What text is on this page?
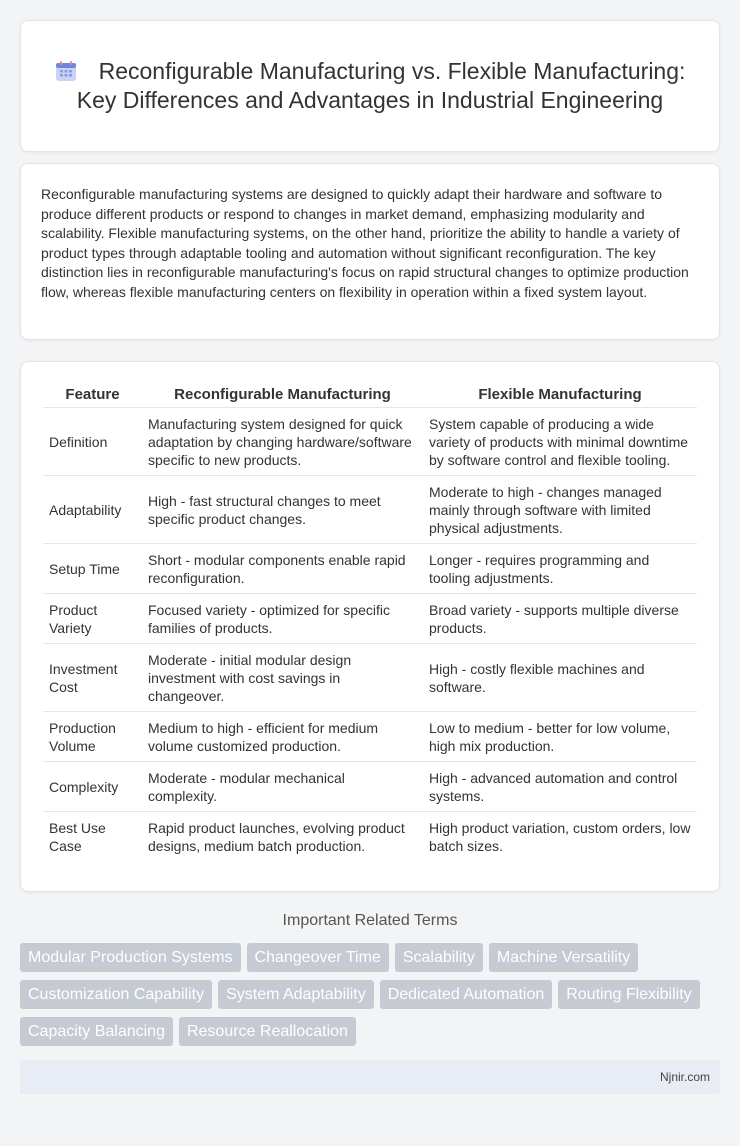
Reconfigurable Manufacturing vs. Flexible Manufacturing: Key Differences and Advantages in Industrial Engineering

Reconfigurable manufacturing systems are designed to quickly adapt their hardware and software to produce different products or respond to changes in market demand, emphasizing modularity and scalability. Flexible manufacturing systems, on the other hand, prioritize the ability to handle a variety of product types through adaptable tooling and automation without significant reconfiguration. The key distinction lies in reconfigurable manufacturing's focus on rapid structural changes to optimize production flow, whereas flexible manufacturing centers on flexibility in operation within a fixed system layout.

Feature	Reconfigurable Manufacturing	Flexible Manufacturing
Definition	Manufacturing system designed for quick adaptation by changing hardware/software specific to new products.	System capable of producing a wide variety of products with minimal downtime by software control and flexible tooling.
Adaptability	High - fast structural changes to meet specific product changes.	Moderate to high - changes managed mainly through software with limited physical adjustments.
Setup Time	Short - modular components enable rapid reconfiguration.	Longer - requires programming and tooling adjustments.
Product Variety	Focused variety - optimized for specific families of products.	Broad variety - supports multiple diverse products.
Investment Cost	Moderate - initial modular design investment with cost savings in changeover.	High - costly flexible machines and software.
Production Volume	Medium to high - efficient for medium volume customized production.	Low to medium - better for low volume, high mix production.
Complexity	Moderate - modular mechanical complexity.	High - advanced automation and control systems.
Best Use Case	Rapid product launches, evolving product designs, medium batch production.	High product variation, custom orders, low batch sizes.
Important Related Terms
Modular Production Systems	Changeover Time	Scalability	Machine Versatility
Customization Capability	System Adaptability	Dedicated Automation	Routing Flexibility
Capacity Balancing	Resource Reallocation
Njnir.com
